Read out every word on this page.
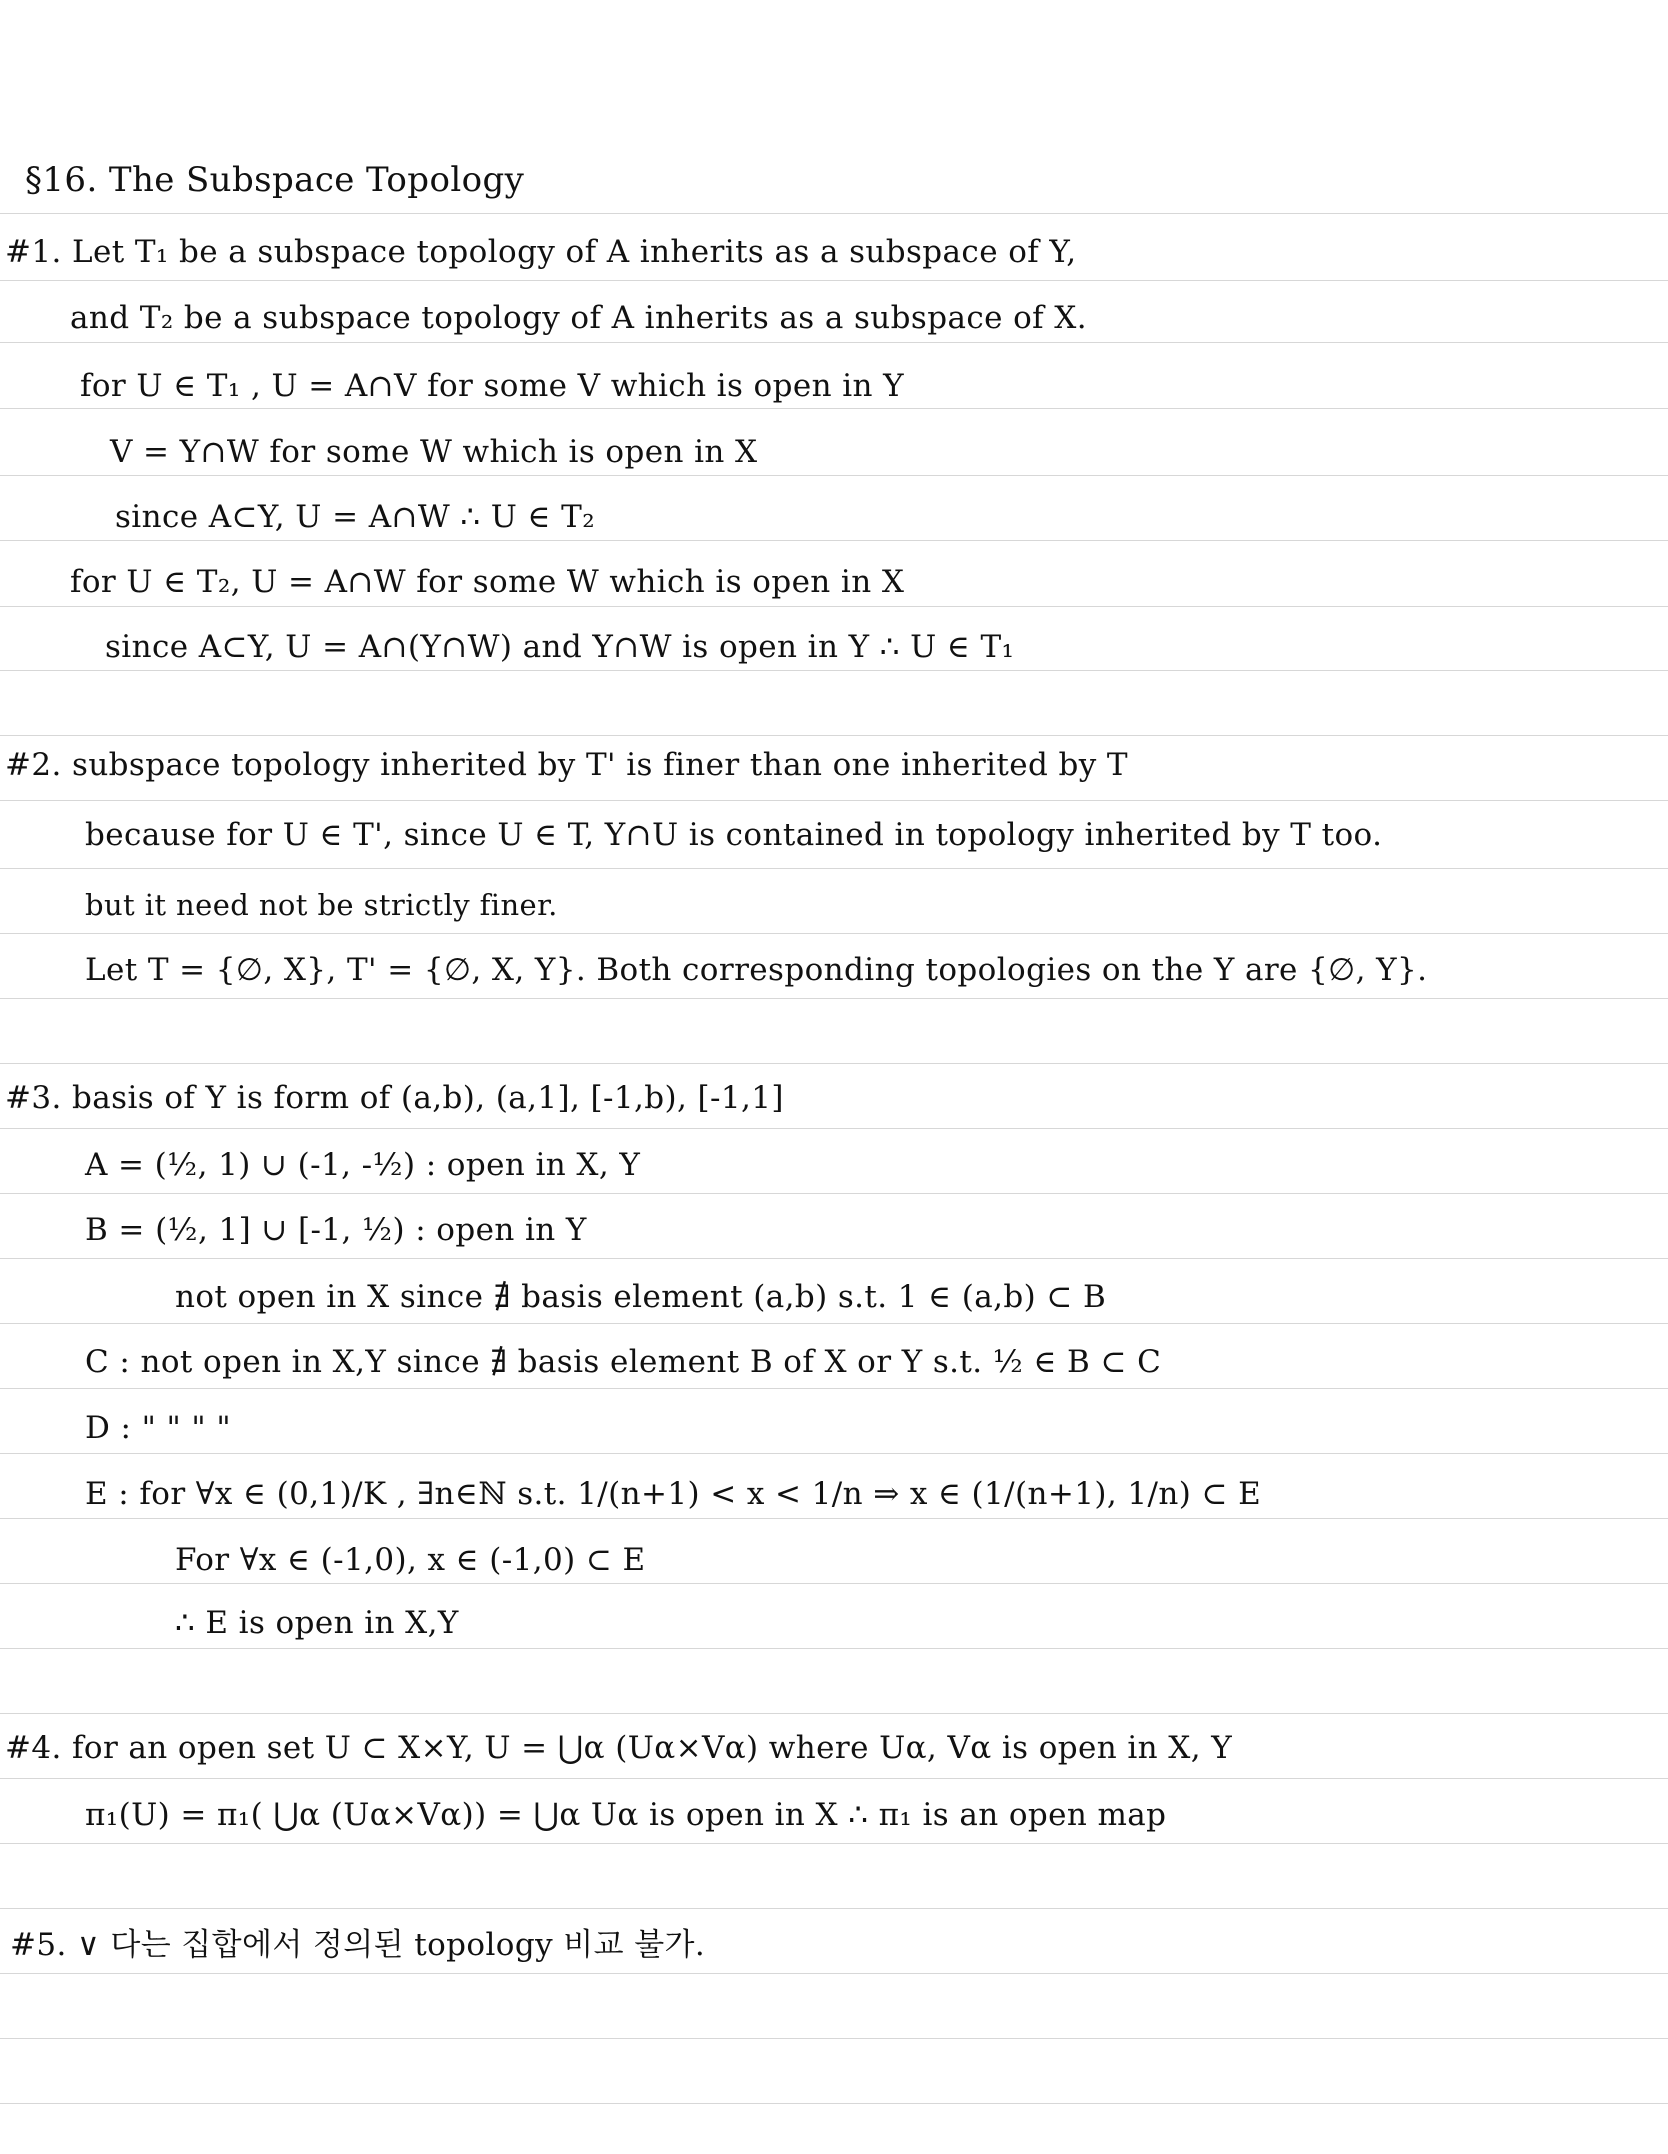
§16. The Subspace Topology
#1. Let T₁ be a subspace topology of A inherits as a subspace of Y,
and T₂ be a subspace topology of A inherits as a subspace of X.
for U ∈ T₁ , U = A∩V for some V which is open in Y
V = Y∩W for some W which is open in X
since A⊂Y, U = A∩W ∴ U ∈ T₂
for U ∈ T₂, U = A∩W for some W which is open in X
since A⊂Y, U = A∩(Y∩W) and Y∩W is open in Y ∴ U ∈ T₁
#2. subspace topology inherited by T' is finer than one inherited by T
because for U ∈ T', since U ∈ T, Y∩U is contained in topology inherited by T too.
but it need not be strictly finer.
Let T = {∅, X}, T' = {∅, X, Y}. Both corresponding topologies on the Y are {∅, Y}.
#3. basis of Y is form of (a,b), (a,1], [-1,b), [-1,1]
A = (½, 1) ∪ (-1, -½) : open in X, Y
B = (½, 1] ∪ [-1, ½) : open in Y
not open in X since ∄ basis element (a,b) s.t. 1 ∈ (a,b) ⊂ B
C : not open in X,Y since ∄ basis element B of X or Y s.t. ½ ∈ B ⊂ C
D : " " " "
E : for ∀x ∈ (0,1)/K , ∃n∈ℕ s.t. 1/(n+1) < x < 1/n ⇒ x ∈ (1/(n+1), 1/n) ⊂ E
For ∀x ∈ (-1,0), x ∈ (-1,0) ⊂ E
∴ E is open in X,Y
#4. for an open set U ⊂ X×Y, U = ⋃α (Uα×Vα) where Uα, Vα is open in X, Y
π₁(U) = π₁( ⋃α (Uα×Vα)) = ⋃α Uα is open in X ∴ π₁ is an open map
#5. ∨ 다는 집합에서 정의된 topology 비교 불가.
